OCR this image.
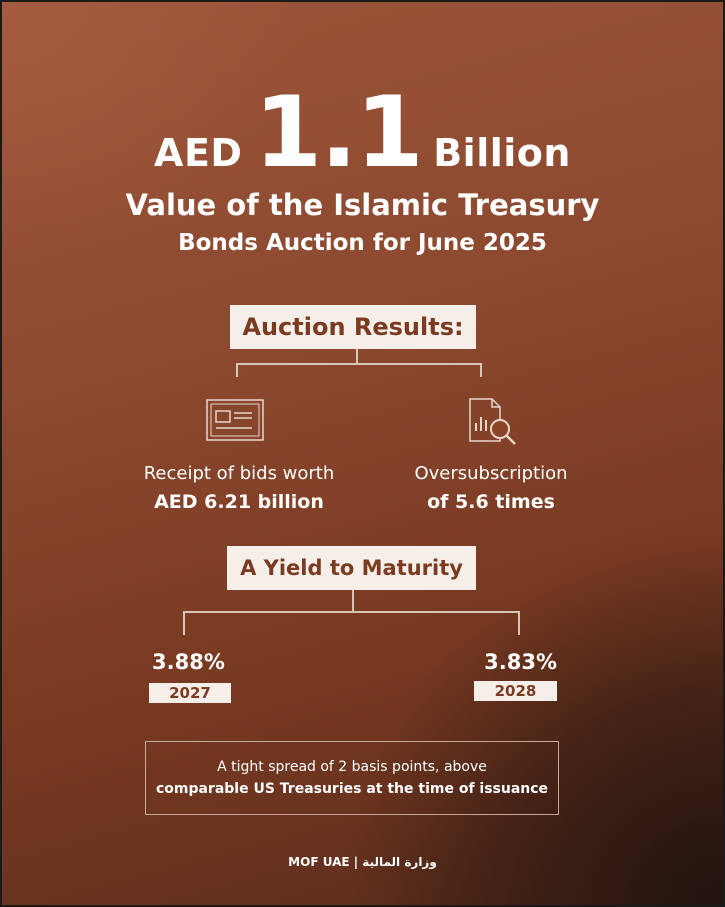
AED 1.1 Billion
Value of the Islamic Treasury
Bonds Auction for June 2025
Auction Results:
Receipt of bids worth
AED 6.21 billion
Oversubscription
of 5.6 times
A Yield to Maturity
3.88%
2027
3.83%
2028
A tight spread of 2 basis points, above
comparable US Treasuries at the time of issuance
MOF UAE | وزارة المالية
